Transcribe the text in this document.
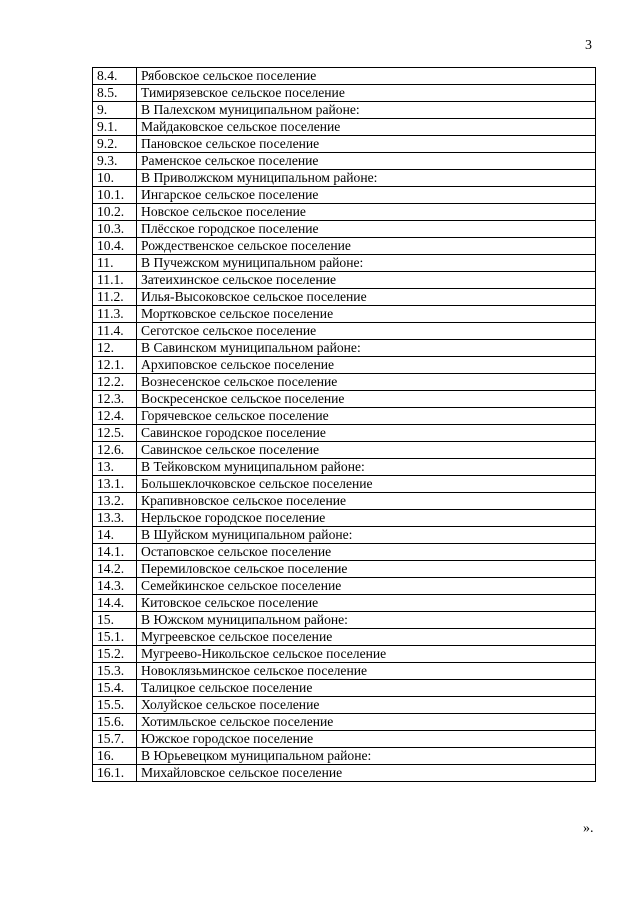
3
8.4.	Рябовское сельское поселение
8.5.	Тимирязевское сельское поселение
9.	В Палехском муниципальном районе:
9.1.	Майдаковское сельское поселение
9.2.	Пановское сельское поселение
9.3.	Раменское сельское поселение
10.	В Приволжском муниципальном районе:
10.1.	Ингарское сельское поселение
10.2.	Новское сельское поселение
10.3.	Плёсское городское поселение
10.4.	Рождественское сельское поселение
11.	В Пучежском муниципальном районе:
11.1.	Затеихинское сельское поселение
11.2.	Илья-Высоковское сельское поселение
11.3.	Мортковское сельское поселение
11.4.	Сеготское сельское поселение
12.	В Савинском муниципальном районе:
12.1.	Архиповское сельское поселение
12.2.	Вознесенское сельское поселение
12.3.	Воскресенское сельское поселение
12.4.	Горячевское сельское поселение
12.5.	Савинское городское поселение
12.6.	Савинское сельское поселение
13.	В Тейковском муниципальном районе:
13.1.	Большеклочковское сельское поселение
13.2.	Крапивновское сельское поселение
13.3.	Нерльское городское поселение
14.	В Шуйском муниципальном районе:
14.1.	Остаповское сельское поселение
14.2.	Перемиловское сельское поселение
14.3.	Семейкинское сельское поселение
14.4.	Китовское сельское поселение
15.	В Южском муниципальном районе:
15.1.	Мугреевское сельское поселение
15.2.	Мугреево-Никольское сельское поселение
15.3.	Новоклязьминское сельское поселение
15.4.	Талицкое сельское поселение
15.5.	Холуйское сельское поселение
15.6.	Хотимльское сельское поселение
15.7.	Южское городское поселение
16.	В Юрьевецком муниципальном районе:
16.1.	Михайловское сельское поселение
».
